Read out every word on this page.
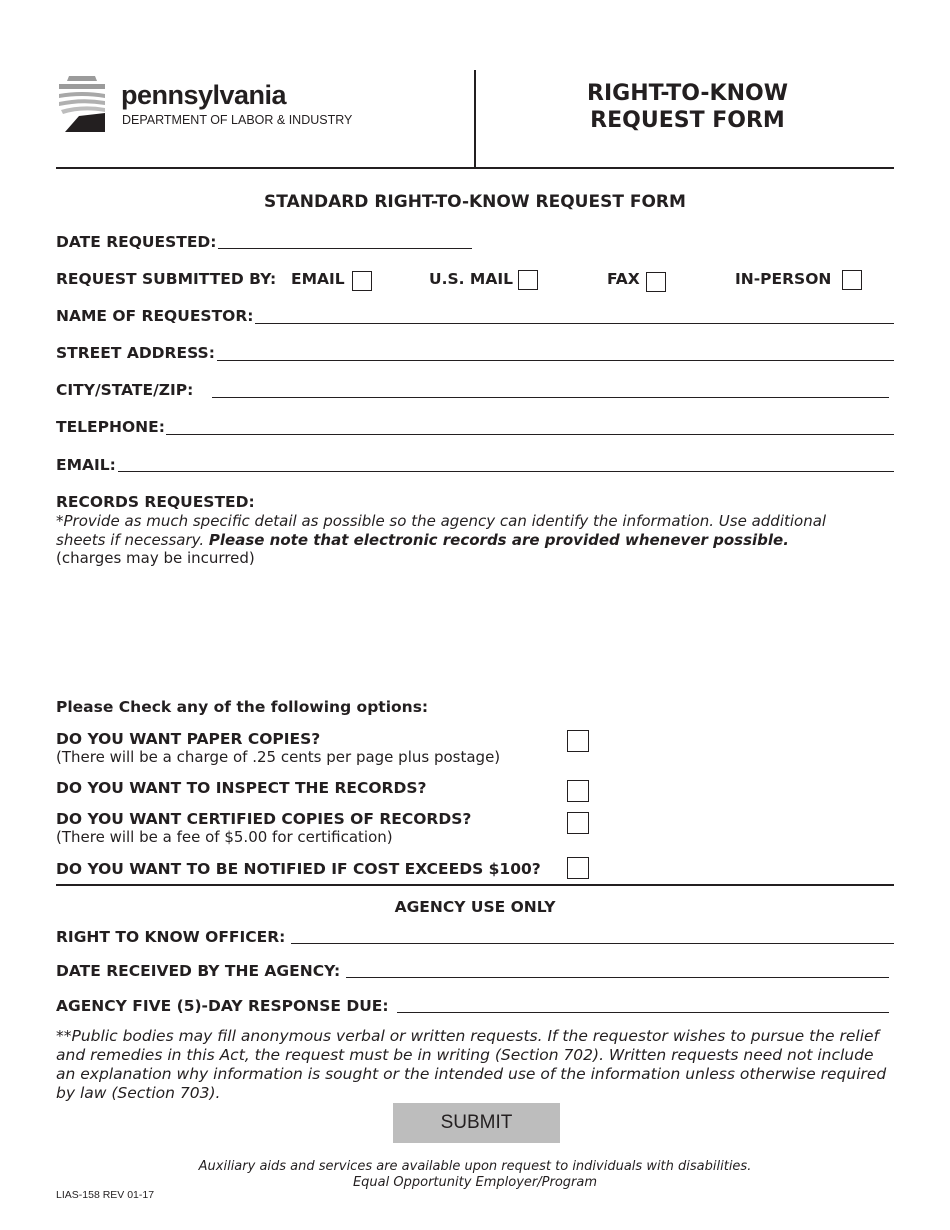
pennsylvania
DEPARTMENT OF LABOR & INDUSTRY
RIGHT-TO-KNOW
REQUEST FORM
STANDARD RIGHT-TO-KNOW REQUEST FORM
DATE REQUESTED:
REQUEST SUBMITTED BY: EMAIL	U.S. MAIL	FAX	IN-PERSON
NAME OF REQUESTOR:
STREET ADDRESS:
CITY/STATE/ZIP:
TELEPHONE:
EMAIL:
RECORDS REQUESTED:
*Provide as much specific detail as possible so the agency can identify the information. Use additional
sheets if necessary. Please note that electronic records are provided whenever possible.
(charges may be incurred)
Please Check any of the following options:
DO YOU WANT PAPER COPIES?
(There will be a charge of .25 cents per page plus postage)
DO YOU WANT TO INSPECT THE RECORDS?
DO YOU WANT CERTIFIED COPIES OF RECORDS?
(There will be a fee of $5.00 for certification)
DO YOU WANT TO BE NOTIFIED IF COST EXCEEDS $100?
AGENCY USE ONLY
RIGHT TO KNOW OFFICER:
DATE RECEIVED BY THE AGENCY:
AGENCY FIVE (5)-DAY RESPONSE DUE:
**Public bodies may fill anonymous verbal or written requests. If the requestor wishes to pursue the relief
and remedies in this Act, the request must be in writing (Section 702). Written requests need not include
an explanation why information is sought or the intended use of the information unless otherwise required
by law (Section 703).
SUBMIT
Auxiliary aids and services are available upon request to individuals with disabilities.
Equal Opportunity Employer/Program
LIAS-158 REV 01-17
